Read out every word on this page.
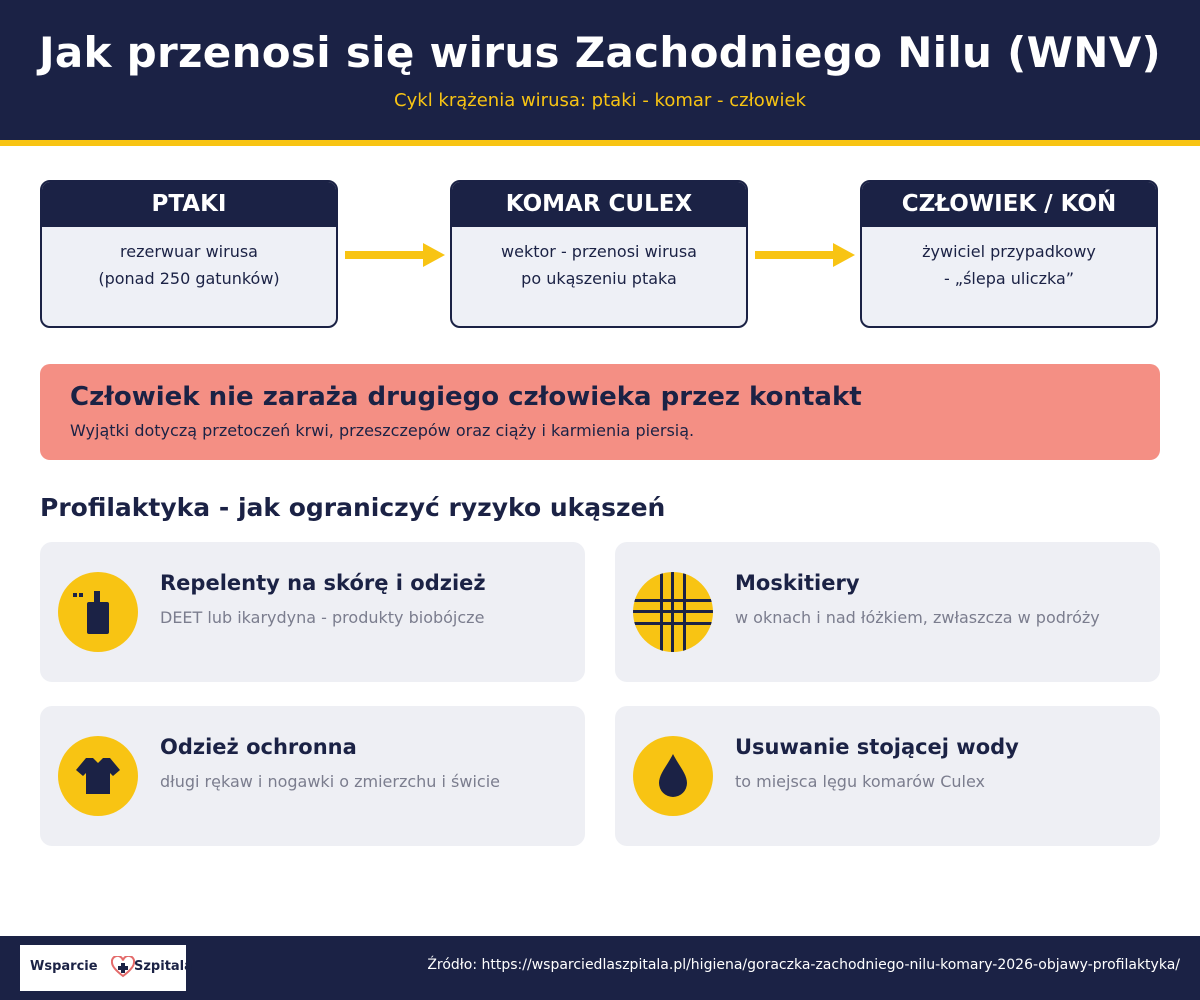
Jak przenosi się wirus Zachodniego Nilu (WNV)
Cykl krążenia wirusa: ptaki - komar - człowiek
PTAKI
rezerwuar wirusa
(ponad 250 gatunków)
KOMAR CULEX
wektor - przenosi wirusa
po ukąszeniu ptaka
CZŁOWIEK / KOŃ
żywiciel przypadkowy
- „ślepa uliczka”
Człowiek nie zaraża drugiego człowieka przez kontakt
Wyjątki dotyczą przetoczeń krwi, przeszczepów oraz ciąży i karmienia piersią.
Profilaktyka - jak ograniczyć ryzyko ukąszeń
Repelenty na skórę i odzież
DEET lub ikarydyna - produkty biobójcze
Moskitiery
w oknach i nad łóżkiem, zwłaszcza w podróży
Odzież ochronna
długi rękaw i nogawki o zmierzchu i świcie
Usuwanie stojącej wody
to miejsca lęgu komarów Culex
Wsparcie	Szpitala	Źródło: https://wsparciedlaszpitala.pl/higiena/goraczka-zachodniego-nilu-komary-2026-objawy-profilaktyka/
